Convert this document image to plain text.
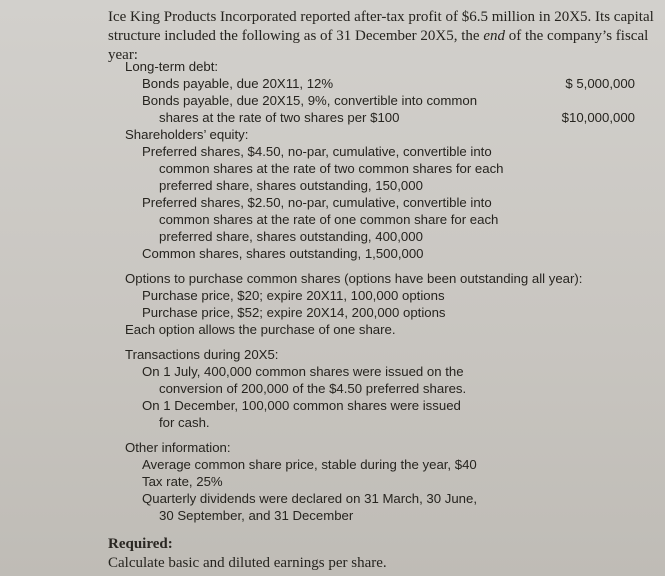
Ice King Products Incorporated reported after-tax profit of $6.5 million in 20X5. Its capital

structure included the following as of 31 December 20X5, the end of the company’s fiscal year:

Long-term debt:
Bonds payable, due 20X11, 12%	$ 5,000,000
Bonds payable, due 20X15, 9%, convertible into common
shares at the rate of two shares per $100	$10,000,000
Shareholders’ equity:
Preferred shares, $4.50, no-par, cumulative, convertible into
common shares at the rate of two common shares for each
preferred share, shares outstanding, 150,000
Preferred shares, $2.50, no-par, cumulative, convertible into
common shares at the rate of one common share for each
preferred share, shares outstanding, 400,000
Common shares, shares outstanding, 1,500,000
Options to purchase common shares (options have been outstanding all year):
Purchase price, $20; expire 20X11, 100,000 options
Purchase price, $52; expire 20X14, 200,000 options
Each option allows the purchase of one share.
Transactions during 20X5:
On 1 July, 400,000 common shares were issued on the
conversion of 200,000 of the $4.50 preferred shares.
On 1 December, 100,000 common shares were issued
for cash.
Other information:
Average common share price, stable during the year, $40
Tax rate, 25%
Quarterly dividends were declared on 31 March, 30 June,
30 September, and 31 December
Required:
Calculate basic and diluted earnings per share.
